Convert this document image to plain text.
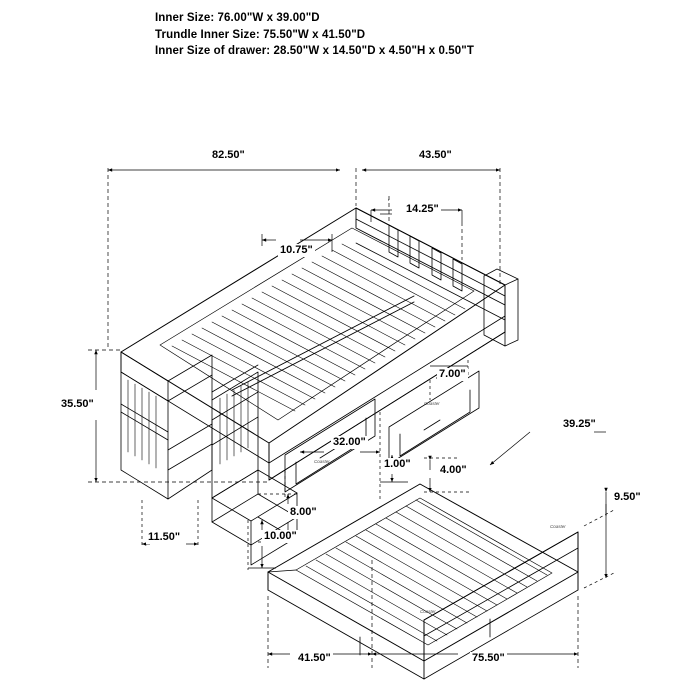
Inner Size: 76.00"W x 39.00"D
Trundle Inner Size: 75.50"W x 41.50"D
Inner Size of drawer: 28.50"W x 14.50"D x 4.50"H x 0.50"T
82.50"	43.50"
14.25"
10.75"
35.50"
7.00"
32.00"
39.25"
1.00"	4.00"
9.50"
8.00"
10.00"
11.50"
41.50"	75.50"
Coaster
Coaster
Coaster
Coaster
